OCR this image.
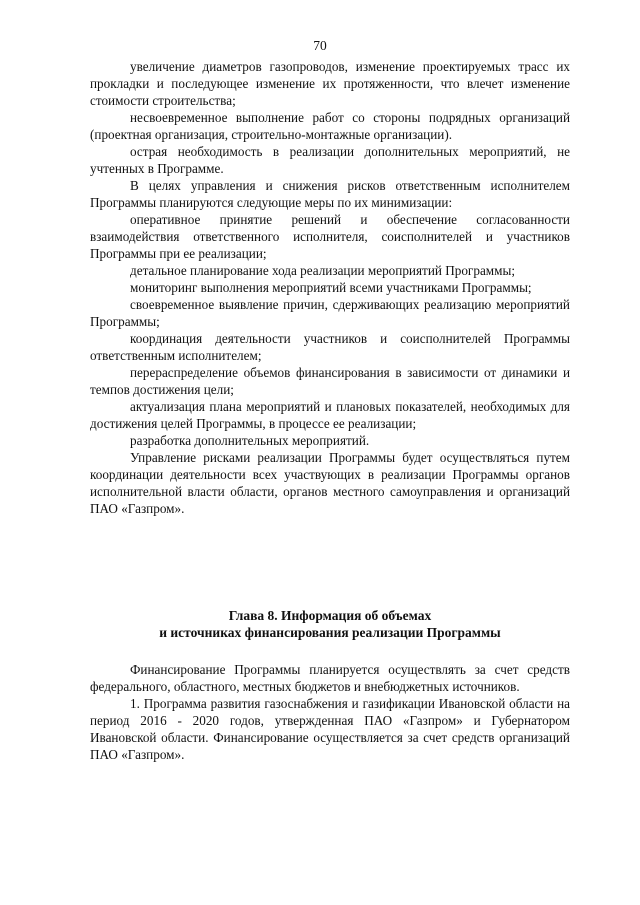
70

увеличение диаметров газопроводов, изменение проектируемых трасс их прокладки и последующее изменение их протяженности, что влечет изменение стоимости строительства;

несвоевременное выполнение работ со стороны подрядных организаций (проектная организация, строительно-монтажные организации).

острая необходимость в реализации дополнительных мероприятий, не учтенных в Программе.

В целях управления и снижения рисков ответственным исполнителем Программы планируются следующие меры по их минимизации:

оперативное принятие решений и обеспечение согласованности взаимодействия ответственного исполнителя, соисполнителей и участников Программы при ее реализации;

детальное планирование хода реализации мероприятий Программы;

мониторинг выполнения мероприятий всеми участниками Программы;

своевременное выявление причин, сдерживающих реализацию мероприятий Программы;

координация деятельности участников и соисполнителей Программы ответственным исполнителем;

перераспределение объемов финансирования в зависимости от динамики и темпов достижения цели;

актуализация плана мероприятий и плановых показателей, необходимых для достижения целей Программы, в процессе ее реализации;

разработка дополнительных мероприятий.

Управление рисками реализации Программы будет осуществляться путем координации деятельности всех участвующих в реализации Программы органов исполнительной власти области, органов местного самоуправления и организаций ПАО «Газпром».

Глава 8. Информация об объемах
и источниках финансирования реализации Программы

Финансирование Программы планируется осуществлять за счет средств федерального, областного, местных бюджетов и внебюджетных источников.

1. Программа развития газоснабжения и газификации Ивановской области на период 2016 - 2020 годов, утвержденная ПАО «Газпром» и Губернатором Ивановской области. Финансирование осуществляется за счет средств организаций ПАО «Газпром».
